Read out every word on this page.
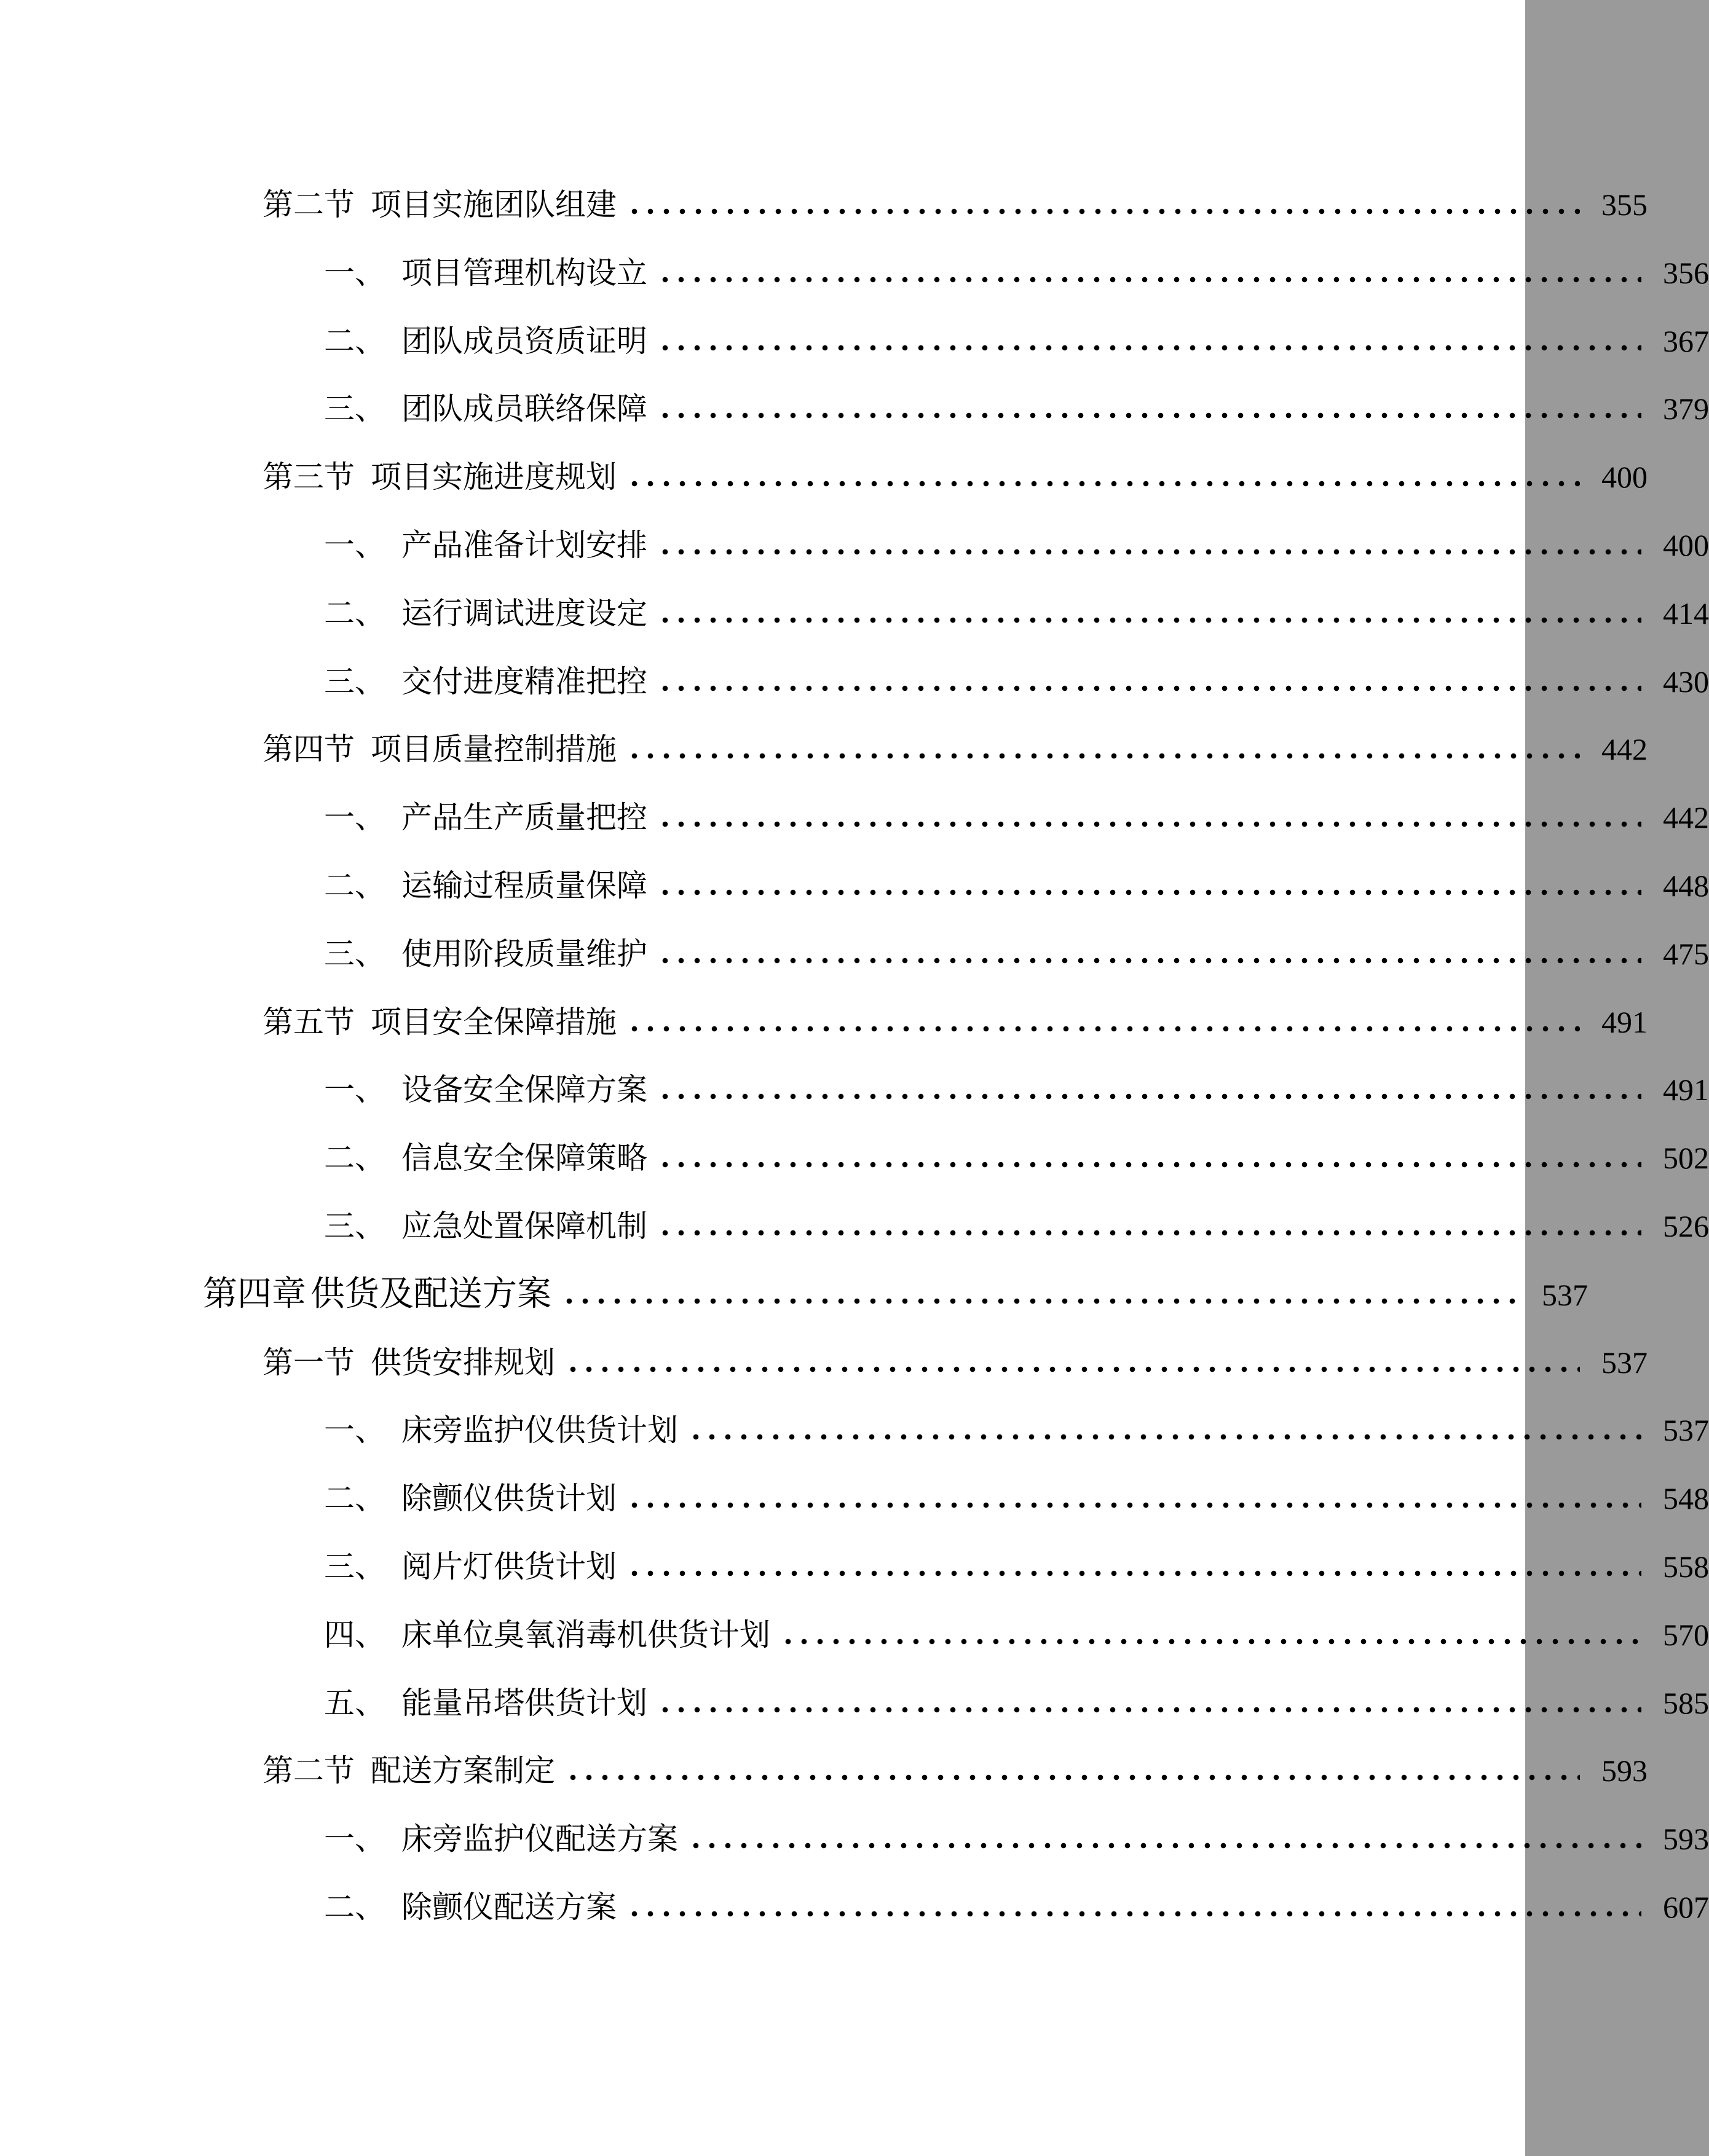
第二节 项目实施团队组建	355
一、 项目管理机构设立	356
二、 团队成员资质证明	367
三、 团队成员联络保障	379
第三节 项目实施进度规划	400
一、 产品准备计划安排	400
二、 运行调试进度设定	414
三、 交付进度精准把控	430
第四节 项目质量控制措施	442
一、 产品生产质量把控	442
二、 运输过程质量保障	448
三、 使用阶段质量维护	475
第五节 项目安全保障措施	491
一、 设备安全保障方案	491
二、 信息安全保障策略	502
三、 应急处置保障机制	526
第四章 供货及配送方案	537
第一节 供货安排规划	537
一、 床旁监护仪供货计划	537
二、 除颤仪供货计划	548
三、 阅片灯供货计划	558
四、 床单位臭氧消毒机供货计划	570
五、 能量吊塔供货计划	585
第二节 配送方案制定	593
一、 床旁监护仪配送方案	593
二、 除颤仪配送方案	607
